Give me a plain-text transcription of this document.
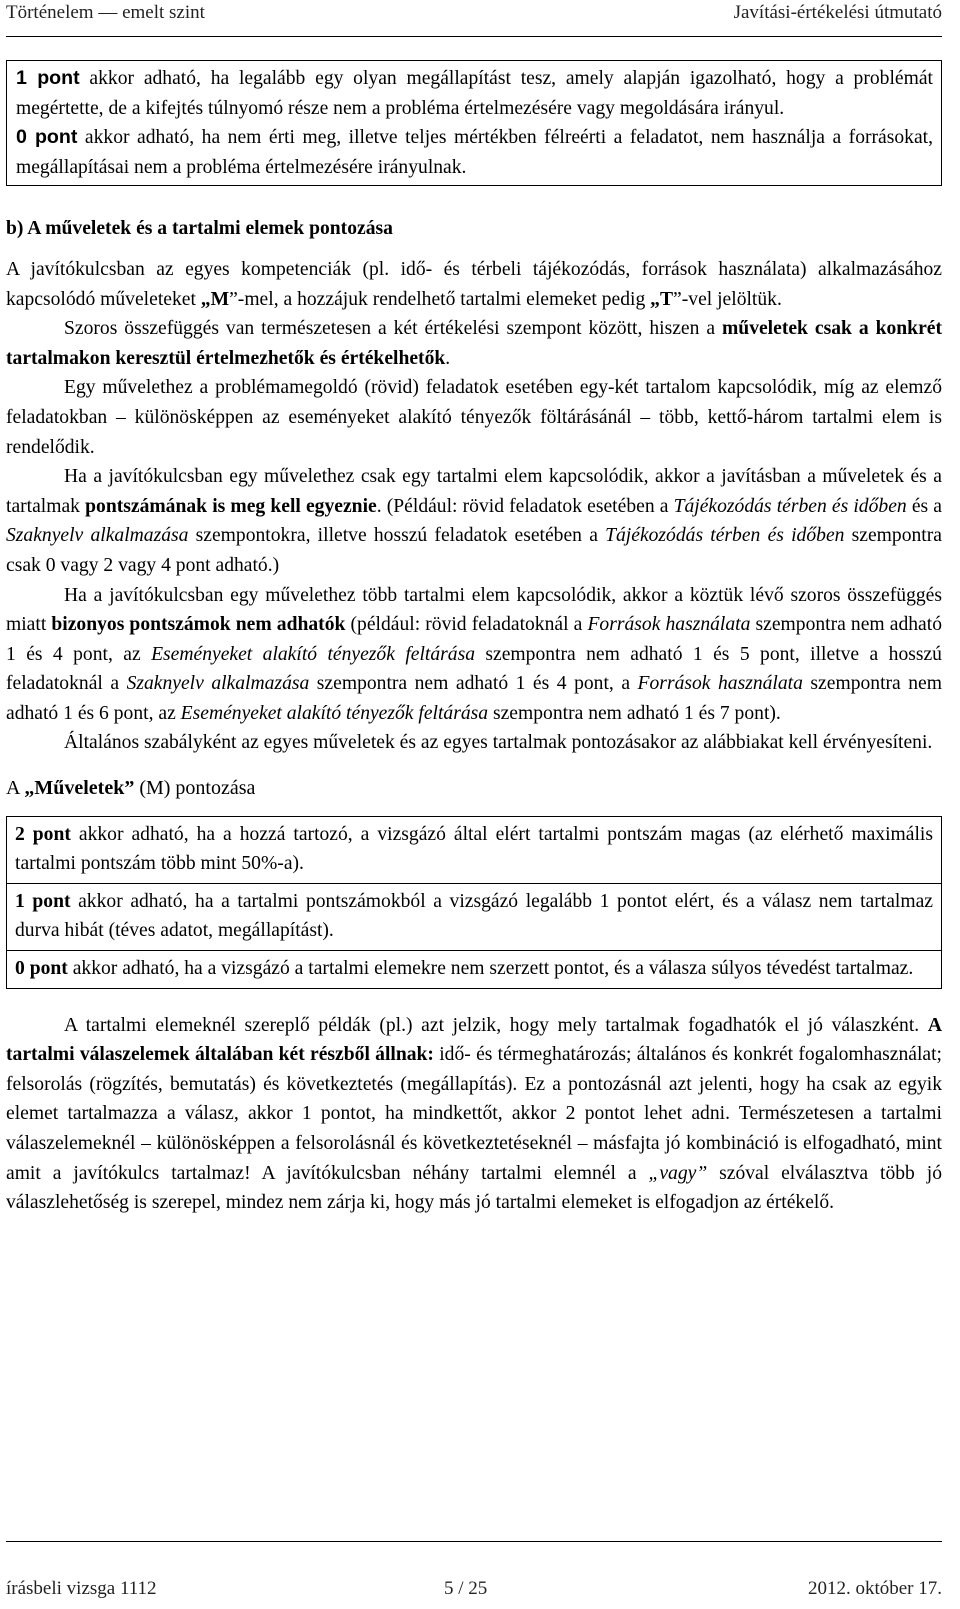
Történelem — emelt szint	Javítási-értékelési útmutató

1 pont akkor adható, ha legalább egy olyan megállapítást tesz, amely alapján igazolható, hogy a problémát megértette, de a kifejtés túlnyomó része nem a probléma értelmezésére vagy megoldására irányul.

0 pont akkor adható, ha nem érti meg, illetve teljes mértékben félreérti a feladatot, nem használja a forrásokat, megállapításai nem a probléma értelmezésére irányulnak.

b) A műveletek és a tartalmi elemek pontozása

A javítókulcsban az egyes kompetenciák (pl. idő- és térbeli tájékozódás, források használata) alkalmazásához kapcsolódó műveleteket „M”-mel, a hozzájuk rendelhető tartalmi elemeket pedig „T”-vel jelöltük.

Szoros összefüggés van természetesen a két értékelési szempont között, hiszen a műveletek csak a konkrét tartalmakon keresztül értelmezhetők és értékelhetők.

Egy művelethez a problémamegoldó (rövid) feladatok esetében egy-két tartalom kapcsolódik, míg az elemző feladatokban – különösképpen az eseményeket alakító tényezők föltárásánál – több, kettő-három tartalmi elem is rendelődik.

Ha a javítókulcsban egy művelethez csak egy tartalmi elem kapcsolódik, akkor a javításban a műveletek és a tartalmak pontszámának is meg kell egyeznie. (Például: rövid feladatok esetében a Tájékozódás térben és időben és a Szaknyelv alkalmazása szempontokra, illetve hosszú feladatok esetében a Tájékozódás térben és időben szempontra csak 0 vagy 2 vagy 4 pont adható.)

Ha a javítókulcsban egy művelethez több tartalmi elem kapcsolódik, akkor a köztük lévő szoros összefüggés miatt bizonyos pontszámok nem adhatók (például: rövid feladatoknál a Források használata szempontra nem adható 1 és 4 pont, az Eseményeket alakító tényezők feltárása szempontra nem adható 1 és 5 pont, illetve a hosszú feladatoknál a Szaknyelv alkalmazása szempontra nem adható 1 és 4 pont, a Források használata szempontra nem adható 1 és 6 pont, az Eseményeket alakító tényezők feltárása szempontra nem adható 1 és 7 pont).

Általános szabályként az egyes műveletek és az egyes tartalmak pontozásakor az alábbiakat kell érvényesíteni.

A „Műveletek” (M) pontozása
2 pont akkor adható, ha a hozzá tartozó, a vizsgázó által elért tartalmi pontszám magas (az elérhető maximális tartalmi pontszám több mint 50%-a).
1 pont akkor adható, ha a tartalmi pontszámokból a vizsgázó legalább 1 pontot elért, és a válasz nem tartalmaz durva hibát (téves adatot, megállapítást).
0 pont akkor adható, ha a vizsgázó a tartalmi elemekre nem szerzett pontot, és a válasza súlyos tévedést tartalmaz.

A tartalmi elemeknél szereplő példák (pl.) azt jelzik, hogy mely tartalmak fogadhatók el jó válaszként. A tartalmi válaszelemek általában két részből állnak: idő- és térmeghatározás; általános és konkrét fogalomhasználat; felsorolás (rögzítés, bemutatás) és következtetés (megállapítás). Ez a pontozásnál azt jelenti, hogy ha csak az egyik elemet tartalmazza a válasz, akkor 1 pontot, ha mindkettőt, akkor 2 pontot lehet adni. Természetesen a tartalmi válaszelemeknél – különösképpen a felsorolásnál és következtetéseknél – másfajta jó kombináció is elfogadható, mint amit a javítókulcs tartalmaz! A javítókulcsban néhány tartalmi elemnél a „vagy” szóval elválasztva több jó válaszlehetőség is szerepel, mindez nem zárja ki, hogy más jó tartalmi elemeket is elfogadjon az értékelő.

írásbeli vizsga 1112	5 / 25	2012. október 17.
